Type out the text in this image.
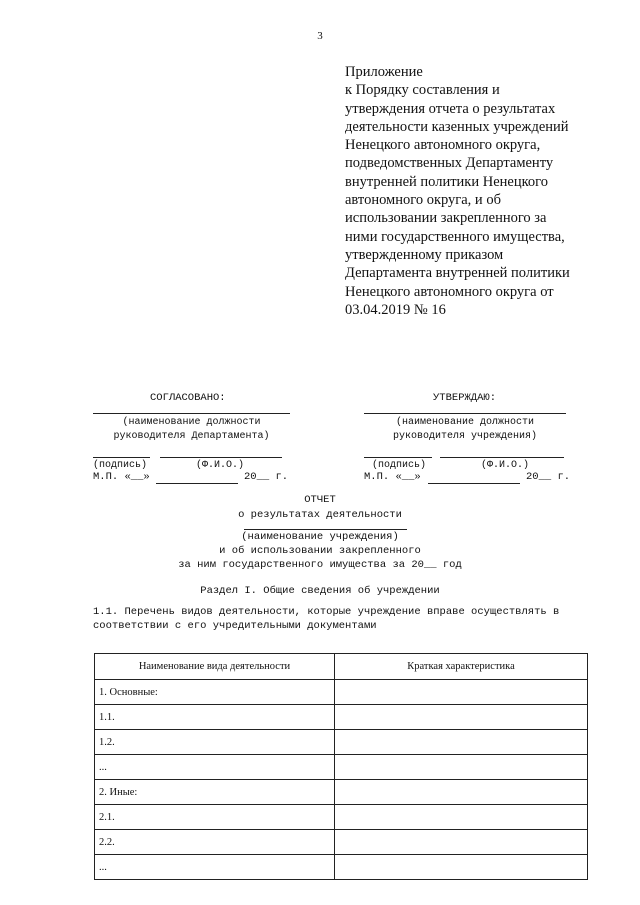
3
Приложение
к Порядку составления и
утверждения отчета о результатах
деятельности казенных учреждений
Ненецкого автономного округа,
подведомственных Департаменту
внутренней политики Ненецкого
автономного округа, и об
использовании закрепленного за
ними государственного имущества,
утвержденному приказом
Департамента внутренней политики
Ненецкого автономного округа от
03.04.2019 № 16
СОГЛАСОВАНО:
(наименование должности
руководителя Департамента)
(подпись)	(Ф.И.О.)
М.П. «__»	20__ г.
УТВЕРЖДАЮ:
(наименование должности
руководителя учреждения)
(подпись)	(Ф.И.О.)
М.П. «__»	20__ г.
ОТЧЕТ
о результатах деятельности
(наименование учреждения)
и об использовании закрепленного
за ним государственного имущества за 20__ год
Раздел I. Общие сведения об учреждении
1.1. Перечень видов деятельности, которые учреждение вправе осуществлять в
соответствии с его учредительными документами
Наименование вида деятельности	Краткая характеристика
1. Основные:	
1.1.	
1.2.	
...	
2. Иные:	
2.1.	
2.2.	
...	
